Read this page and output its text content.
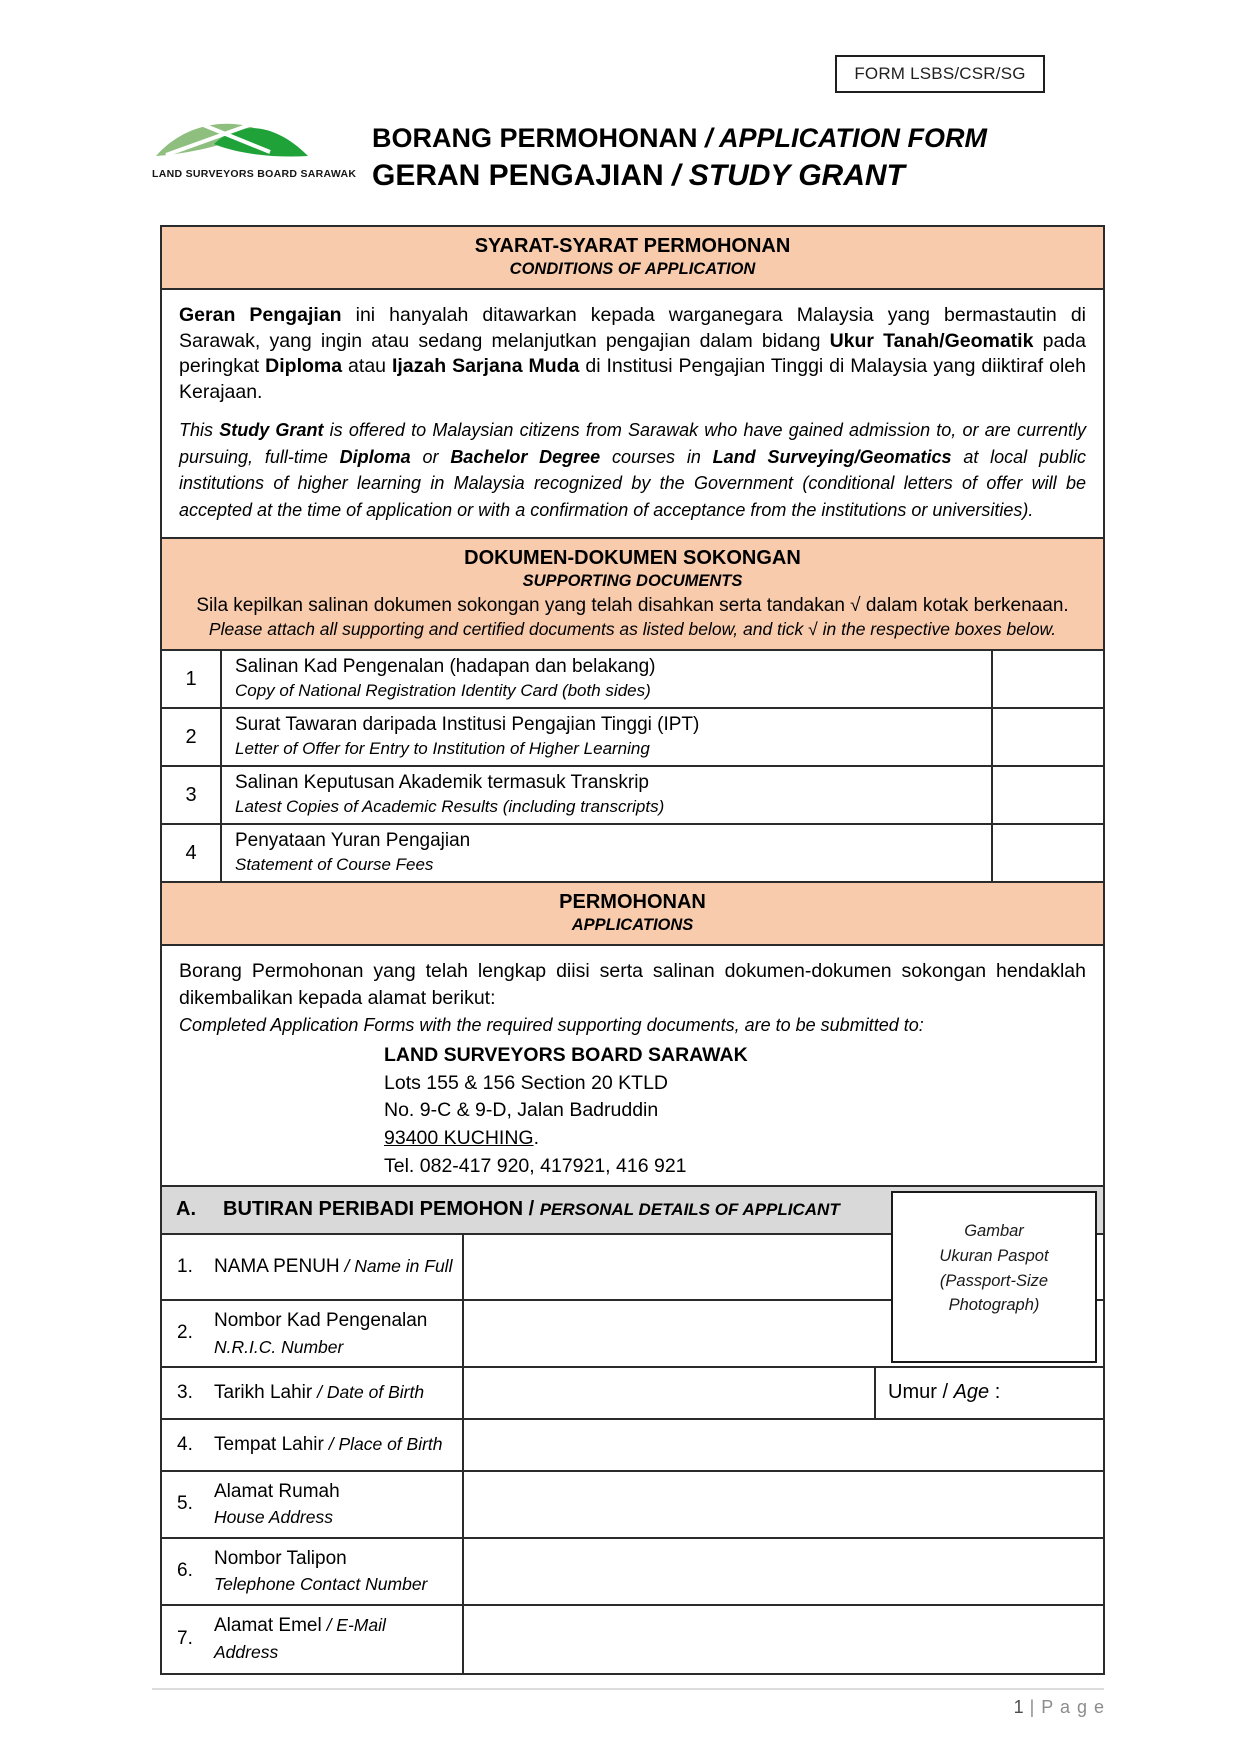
FORM LSBS/CSR/SG
LAND SURVEYORS BOARD SARAWAK
BORANG PERMOHONAN / APPLICATION FORM
GERAN PENGAJIAN / STUDY GRANT
SYARAT-SYARAT PERMOHONAN
CONDITIONS OF APPLICATION

Geran Pengajian ini hanyalah ditawarkan kepada warganegara Malaysia yang bermastautin di Sarawak, yang ingin atau sedang melanjutkan pengajian dalam bidang Ukur Tanah/Geomatik pada peringkat Diploma atau Ijazah Sarjana Muda di Institusi Pengajian Tinggi di Malaysia yang diiktiraf oleh Kerajaan.

This Study Grant is offered to Malaysian citizens from Sarawak who have gained admission to, or are currently pursuing, full-time Diploma or Bachelor Degree courses in Land Surveying/Geomatics at local public institutions of higher learning in Malaysia recognized by the Government (conditional letters of offer will be accepted at the time of application or with a confirmation of acceptance from the institutions or universities).

DOKUMEN-DOKUMEN SOKONGAN
SUPPORTING DOCUMENTS
Sila kepilkan salinan dokumen sokongan yang telah disahkan serta tandakan √ dalam kotak berkenaan.
Please attach all supporting and certified documents as listed below, and tick √ in the respective boxes below.
1
Salinan Kad Pengenalan (hadapan dan belakang)
Copy of National Registration Identity Card (both sides)
2
Surat Tawaran daripada Institusi Pengajian Tinggi (IPT)
Letter of Offer for Entry to Institution of Higher Learning
3
Salinan Keputusan Akademik termasuk Transkrip
Latest Copies of Academic Results (including transcripts)
4
Penyataan Yuran Pengajian
Statement of Course Fees
PERMOHONAN
APPLICATIONS

Borang Permohonan yang telah lengkap diisi serta salinan dokumen-dokumen sokongan hendaklah dikembalikan kepada alamat berikut:

Completed Application Forms with the required supporting documents, are to be submitted to:

LAND SURVEYORS BOARD SARAWAK
Lots 155 & 156 Section 20 KTLD
No. 9-C & 9-D, Jalan Badruddin
93400 KUCHING.
Tel. 082-417 920, 417921, 416 921
Gambar
Ukuran Paspot
(Passport-Size
Photograph)
A. BUTIRAN PERIBADI PEMOHON / PERSONAL DETAILS OF APPLICANT
1.	NAMA PENUH / Name in Full
2.
Nombor Kad Pengenalan
N.R.I.C. Number
3.	Tarikh Lahir / Date of Birth	Umur / Age :
4.	Tempat Lahir / Place of Birth
5.
Alamat Rumah
House Address
6.
Nombor Talipon
Telephone Contact Number
7.
Alamat Emel / E-Mail Address
1 | P a g e
